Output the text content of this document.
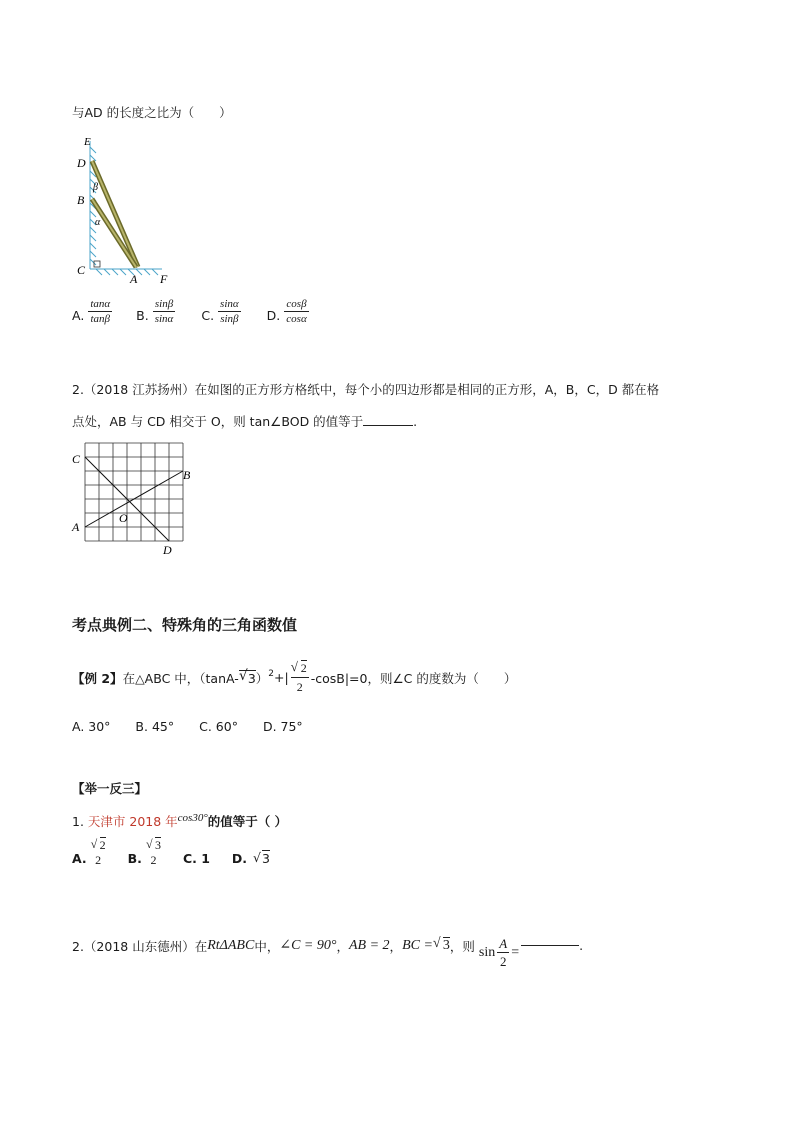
与AD 的长度之比为（　　）
E
D
B
C
A F
β
α
A. $\frac{\tan\alpha}{\tan\beta} B$. $\frac{\sin\beta}{\sin\alpha} C$. $\frac{\sin\alpha}{\sin\beta} D$. $\frac{\cos\beta}{\cos\alpha}$
2.（2018 江苏扬州）在如图的正方形方格纸中，每个小的四边形都是相同的正方形，A，B，C，D 都在格
点处，AB 与 CD 相交于 O，则 tan∠BOD 的值等于	.
C
B
A
O
D
考点典例二、特殊角的三角函数值
【例 2】 在△ABC 中，（tanA- √ 3 ） 2 +| $\frac{√ 2}{2} -\cos B|=0$，则∠C 的度数为（　　）
A. 30°　　B. 45°　　C. 60°　　D. 75°
【举一反三】
1. 天津市 2018 年cos30°的值等于（ ）
A.
√ 2
2 B.
√ 3
2 C. 1 D. √ 3
2.（2018 山东德州）在 RtΔABC 中， ∠C = 90° ， AB = 2 ， BC = √ 3 ，则 $\sin \frac{A}{2}$ =	.
